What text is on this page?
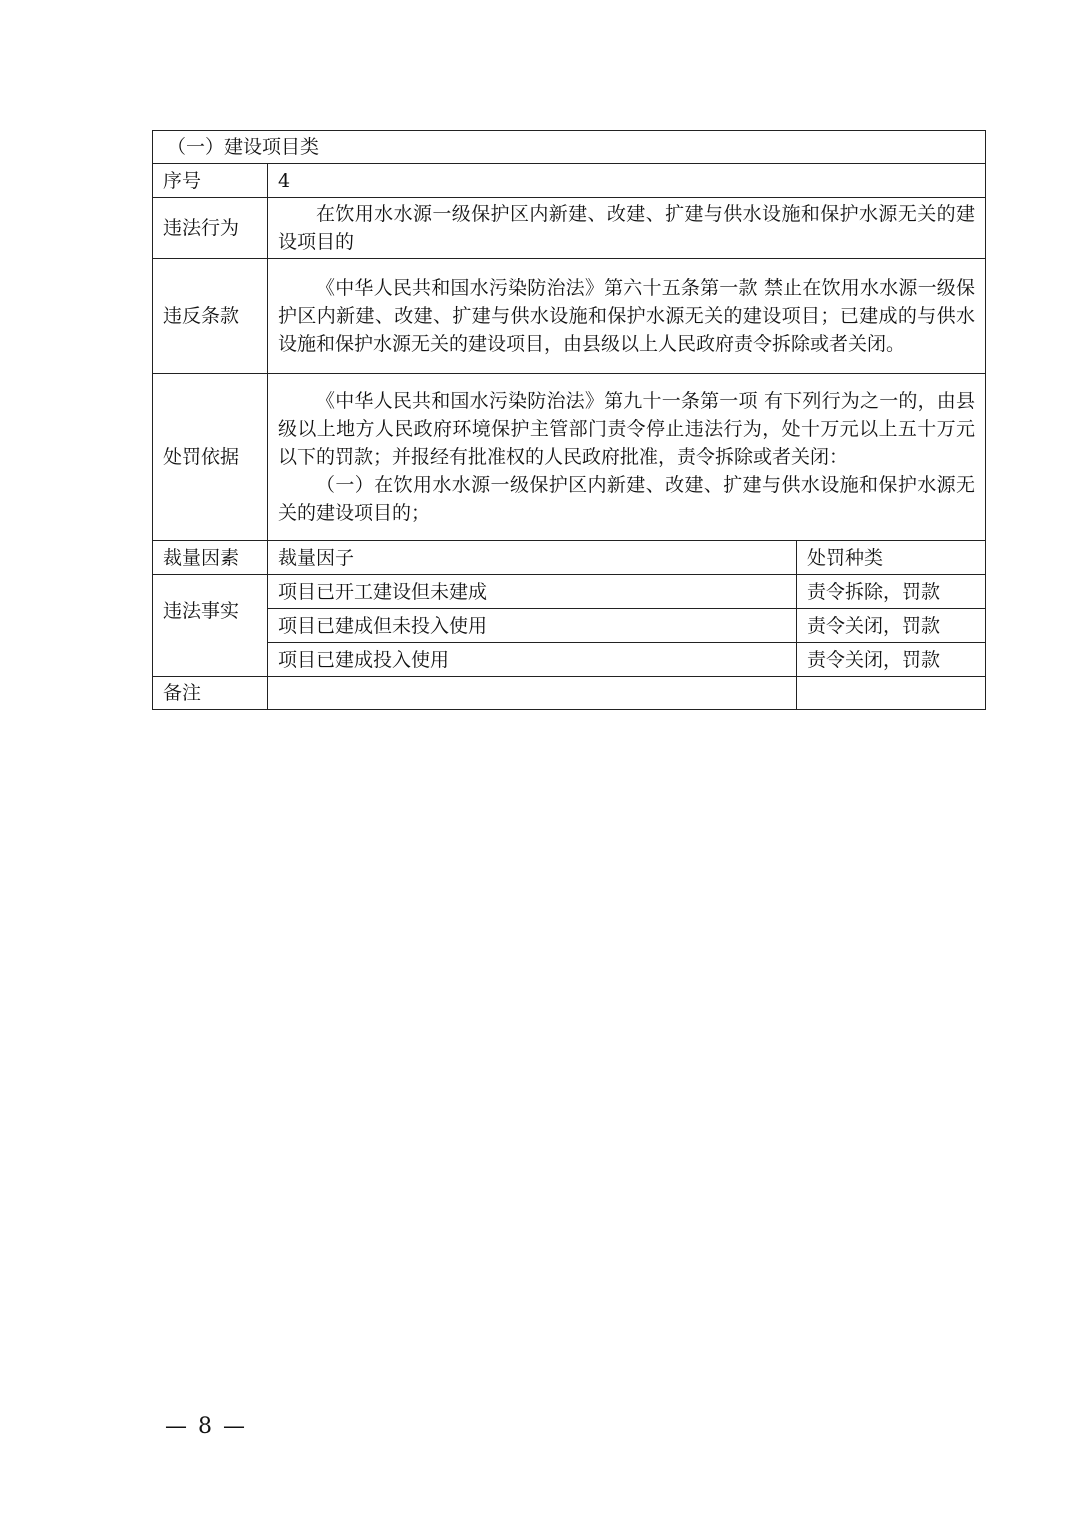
（一）建设项目类		
序号	4	
违法行为	在饮用水水源一级保护区内新建、改建、扩建与供水设施和保护水源无关的建设项目的	

违反条款	《中华人民共和国水污染防治法》第六十五条第一款 禁止在饮用水水源一级保护区内新建、改建、扩建与供水设施和保护水源无关的建设项目；已建成的与供水设施和保护水源无关的建设项目，由县级以上人民政府责令拆除或者关闭。	

处罚依据	《中华人民共和国水污染防治法》第九十一条第一项 有下列行为之一的，由县级以上地方人民政府环境保护主管部门责令停止违法行为，处十万元以上五十万元以下的罚款；并报经有批准权的人民政府批准，责令拆除或者关闭：

（一）在饮用水水源一级保护区内新建、改建、扩建与供水设施和保护水源无关的建设项目的；	

裁量因素	裁量因子	处罚种类
违法事实	项目已开工建设但未建成	责令拆除，罚款
	项目已建成但未投入使用	责令关闭，罚款
	项目已建成投入使用	责令关闭，罚款
备注		
— 8 —
